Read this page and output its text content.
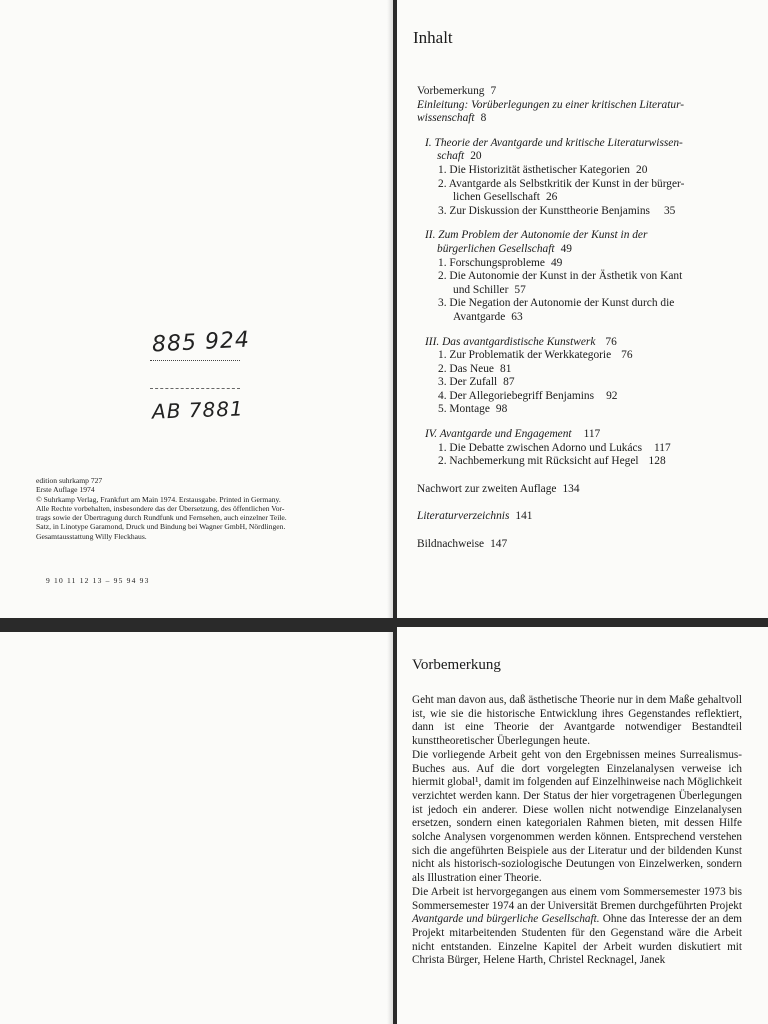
885 924
AB 7881
edition suhrkamp 727
Erste Auflage 1974
© Suhrkamp Verlag, Frankfurt am Main 1974. Erstausgabe. Printed in Germany.
Alle Rechte vorbehalten, insbesondere das der Übersetzung, des öffentlichen Vor-
trags sowie der Übertragung durch Rundfunk und Fernsehen, auch einzelner Teile.
Satz, in Linotype Garamond, Druck und Bindung bei Wagner GmbH, Nördlingen.
Gesamtausstattung Willy Fleckhaus.
9 10 11 12 13 – 95 94 93
Inhalt
Vorbemerkung 7
Einleitung: Vorüberlegungen zu einer kritischen Literatur-
wissenschaft 8
I. Theorie der Avantgarde und kritische Literaturwissen-
schaft 20
1. Die Historizität ästhetischer Kategorien 20
2. Avantgarde als Selbstkritik der Kunst in der bürger-
lichen Gesellschaft 26
3. Zur Diskussion der Kunsttheorie Benjamins 35
II. Zum Problem der Autonomie der Kunst in der
bürgerlichen Gesellschaft 49
1. Forschungsprobleme 49
2. Die Autonomie der Kunst in der Ästhetik von Kant
und Schiller 57
3. Die Negation der Autonomie der Kunst durch die
Avantgarde 63
III. Das avantgardistische Kunstwerk 76
1. Zur Problematik der Werkkategorie 76
2. Das Neue 81
3. Der Zufall 87
4. Der Allegoriebegriff Benjamins 92
5. Montage 98
IV. Avantgarde und Engagement 117
1. Die Debatte zwischen Adorno und Lukács 117
2. Nachbemerkung mit Rücksicht auf Hegel 128
Nachwort zur zweiten Auflage 134
Literaturverzeichnis 141
Bildnachweise 147
Vorbemerkung

Geht man davon aus, daß ästhetische Theorie nur in dem Maße gehaltvoll ist, wie sie die historische Entwicklung ihres Gegenstandes reflektiert, dann ist eine Theorie der Avantgarde notwendiger Bestandteil kunsttheoretischer Überlegungen heute.

Die vorliegende Arbeit geht von den Ergebnissen meines Surrealismus-Buches aus. Auf die dort vorgelegten Einzelanalysen verweise ich hiermit global¹, damit im folgenden auf Einzelhinweise nach Möglichkeit verzichtet werden kann. Der Status der hier vorgetragenen Überlegungen ist jedoch ein anderer. Diese wollen nicht notwendige Einzelanalysen ersetzen, sondern einen kategorialen Rahmen bieten, mit dessen Hilfe solche Analysen vorgenommen werden können. Entsprechend verstehen sich die angeführten Beispiele aus der Literatur und der bildenden Kunst nicht als historisch-soziologische Deutungen von Einzelwerken, sondern als Illustration einer Theorie.

Die Arbeit ist hervorgegangen aus einem vom Sommersemester 1973 bis Sommersemester 1974 an der Universität Bremen durchgeführten Projekt Avantgarde und bürgerliche Gesellschaft. Ohne das Interesse der an dem Projekt mitarbeitenden Studenten für den Gegenstand wäre die Arbeit nicht entstanden. Einzelne Kapitel der Arbeit wurden diskutiert mit Christa Bürger, Helene Harth, Christel Recknagel, Janek
